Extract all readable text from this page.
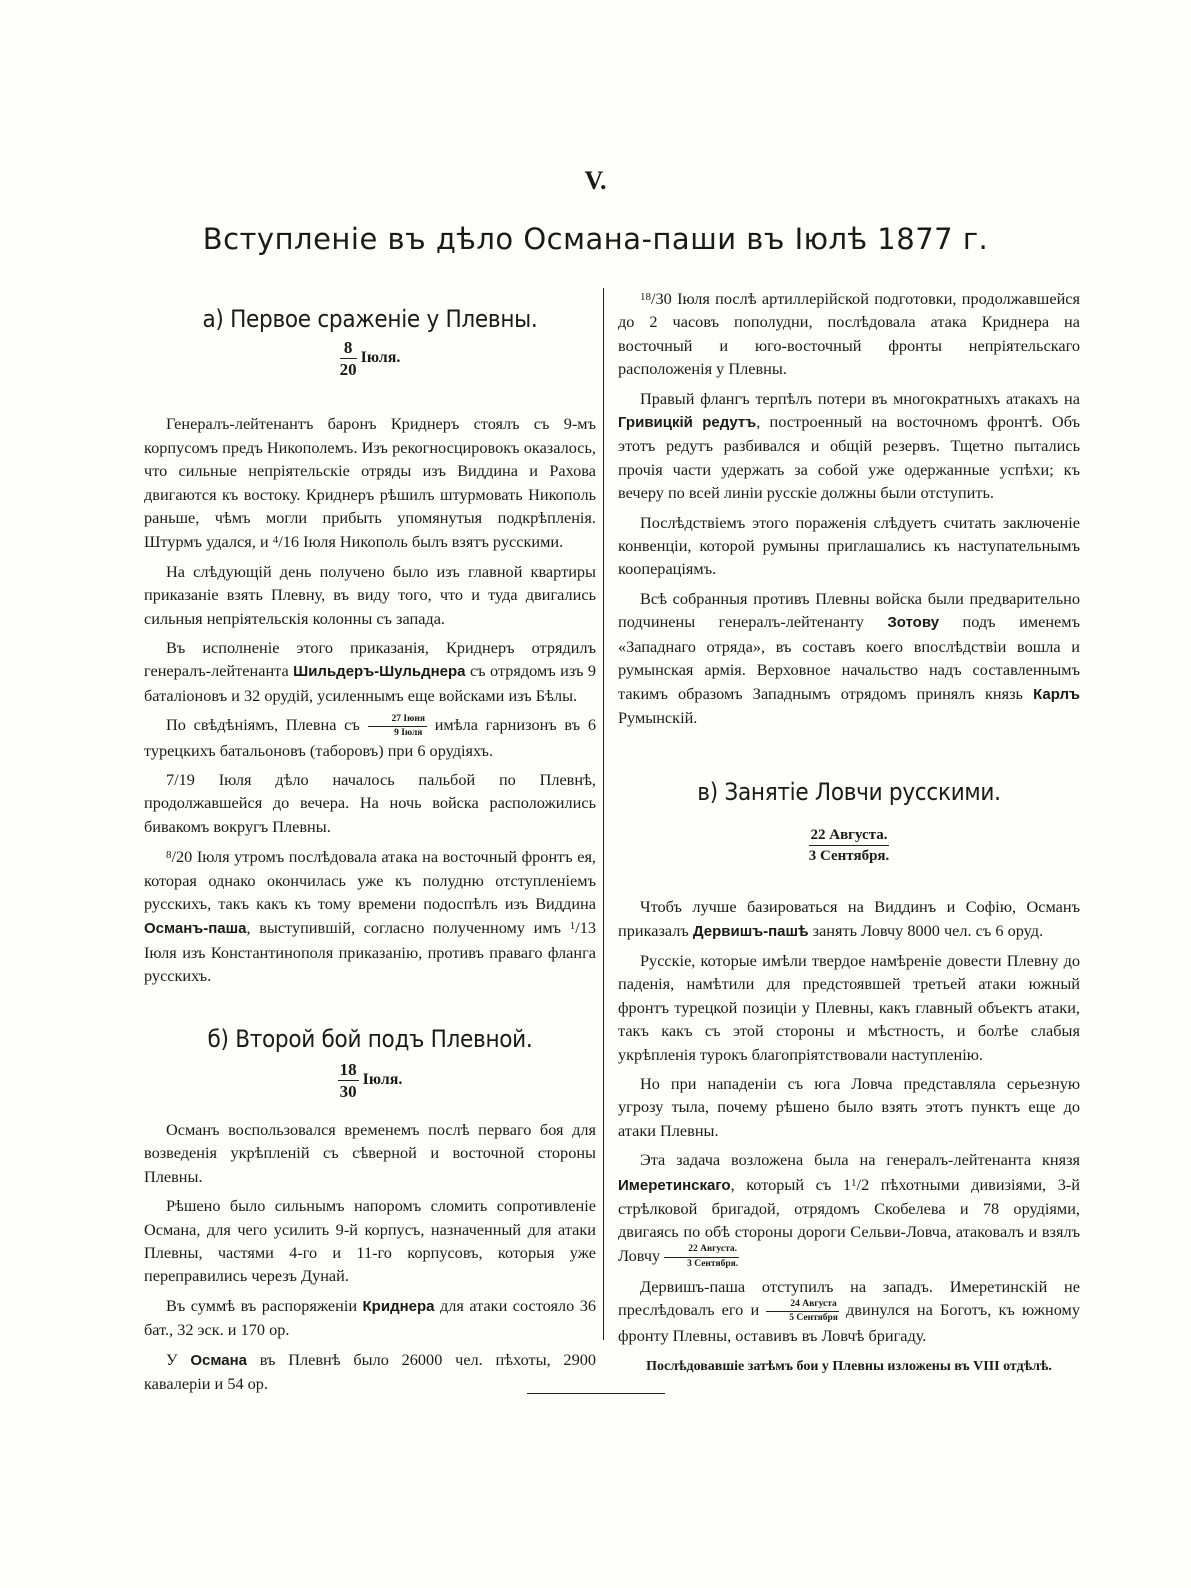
V.
Вступленіе въ дѣло Османа-паши въ Іюлѣ 1877 г.
а) Первое сраженіе у Плевны.
$\frac{8}{20}$ Іюля.

Генералъ-лейтенантъ баронъ Криднеръ стоялъ съ 9-мъ корпусомъ предъ Никополемъ. Изъ рекогносцировокъ оказалось, что сильные непріятельскіе отряды изъ Виддина и Рахова двигаются къ востоку. Криднеръ рѣшилъ штурмовать Никополь раньше, чѣмъ могли прибыть упомянутыя подкрѣпленія. Штурмъ удался, и $^4$/16 Іюля Никополь былъ взятъ русскими.

На слѣдующій день получено было изъ главной квартиры приказаніе взять Плевну, въ виду того, что и туда двигались сильныя непріятельскія колонны съ запада.

Въ исполненіе этого приказанія, Криднеръ отрядилъ генералъ-лейтенанта Шильдеръ-Шульднера съ отрядомъ изъ 9 баталіоновъ и 32 орудій, усиленнымъ еще войсками изъ Бѣлы.

По свѣдѣніямъ, Плевна съ $\frac{\text{27 Іюня}}{\text{9 Іюля}}$ имѣла гарнизонъ въ 6 турецкихъ батальоновъ (таборовъ) при 6 орудіяхъ.

7/19 Іюля дѣло началось пальбой по Плевнѣ, продолжавшейся до вечера. На ночь войска расположились бивакомъ вокругъ Плевны.

$^8$/20 Іюля утромъ послѣдовала атака на восточный фронтъ ея, которая однако окончилась уже къ полудню отступленіемъ русскихъ, такъ какъ къ тому времени подоспѣлъ изъ Виддина Османъ-паша, выступившій, согласно полученному имъ $^1$/13 Іюля изъ Константинополя приказанію, противъ праваго фланга русскихъ.

б) Второй бой подъ Плевной.
$\frac{18}{30}$ Іюля.

Османъ воспользовался временемъ послѣ перваго боя для возведенія укрѣпленій съ сѣверной и восточной стороны Плевны.

Рѣшено было сильнымъ напоромъ сломить сопротивленіе Османа, для чего усилить 9-й корпусъ, назначенный для атаки Плевны, частями 4-го и 11-го корпусовъ, которыя уже переправились черезъ Дунай.

Въ суммѣ въ распоряженіи Криднера для атаки состояло 36 бат., 32 эск. и 170 ор.

У Османа въ Плевнѣ было 26000 чел. пѣхоты, 2900 кавалеріи и 54 ор.

$^{18}$/30 Іюля послѣ артиллерійской подготовки, продолжавшейся до 2 часовъ пополудни, послѣдовала атака Криднера на восточный и юго-восточный фронты непріятельскаго расположенія у Плевны.

Правый флангъ терпѣлъ потери въ многократныхъ атакахъ на Гривицкій редутъ, построенный на восточномъ фронтѣ. Объ этотъ редутъ разбивался и общій резервъ. Тщетно пытались прочія части удержать за собой уже одержанные успѣхи; къ вечеру по всей линіи русскіе должны были отступить.

Послѣдствіемъ этого пораженія слѣдуетъ считать заключеніе конвенціи, которой румыны приглашались къ наступательнымъ кооперацiямъ.

Всѣ собранныя противъ Плевны войска были предварительно подчинены генералъ-лейтенанту Зотову подъ именемъ «Западнаго отряда», въ составъ коего впослѣдствіи вошла и румынская армія. Верховное начальство надъ составленнымъ такимъ образомъ Западнымъ отрядомъ принялъ князь Карлъ Румынскій.

в) Занятіе Ловчи русскими.
22 Августа.
3 Сентября.

Чтобъ лучше базироваться на Виддинъ и Софію, Османъ приказалъ Дервишъ-пашѣ занять Ловчу 8000 чел. съ 6 оруд.

Русскіе, которые имѣли твердое намѣреніе довести Плевну до паденія, намѣтили для предстоявшей третьей атаки южный фронтъ турецкой позиціи у Плевны, какъ главный объектъ атаки, такъ какъ съ этой стороны и мѣстность, и болѣе слабыя укрѣпленія турокъ благопріятствовали наступленію.

Но при нападеніи съ юга Ловча представляла серьезную угрозу тыла, почему рѣшено было взять этотъ пунктъ еще до атаки Плевны.

Эта задача возложена была на генералъ-лейтенанта князя Имеретинскаго, который съ $1^1/2$ пѣхотными дивизіями, 3-й стрѣлковой бригадой, отрядомъ Скобелева и 78 орудіями, двигаясь по обѣ стороны дороги Сельви-Ловча, атаковалъ и взялъ Ловчу $\frac{\text{22 Августа.}}{\text{3 Сентября.}}$

Дервишъ-паша отступилъ на западъ. Имеретинскій не преслѣдовалъ его и $\frac{\text{24 Августа}}{\text{5 Сентября}}$ двинулся на Боготъ, къ южному фронту Плевны, оставивъ въ Ловчѣ бригаду.

Послѣдовавшіе затѣмъ бои у Плевны изложены въ VIII отдѣлѣ.
